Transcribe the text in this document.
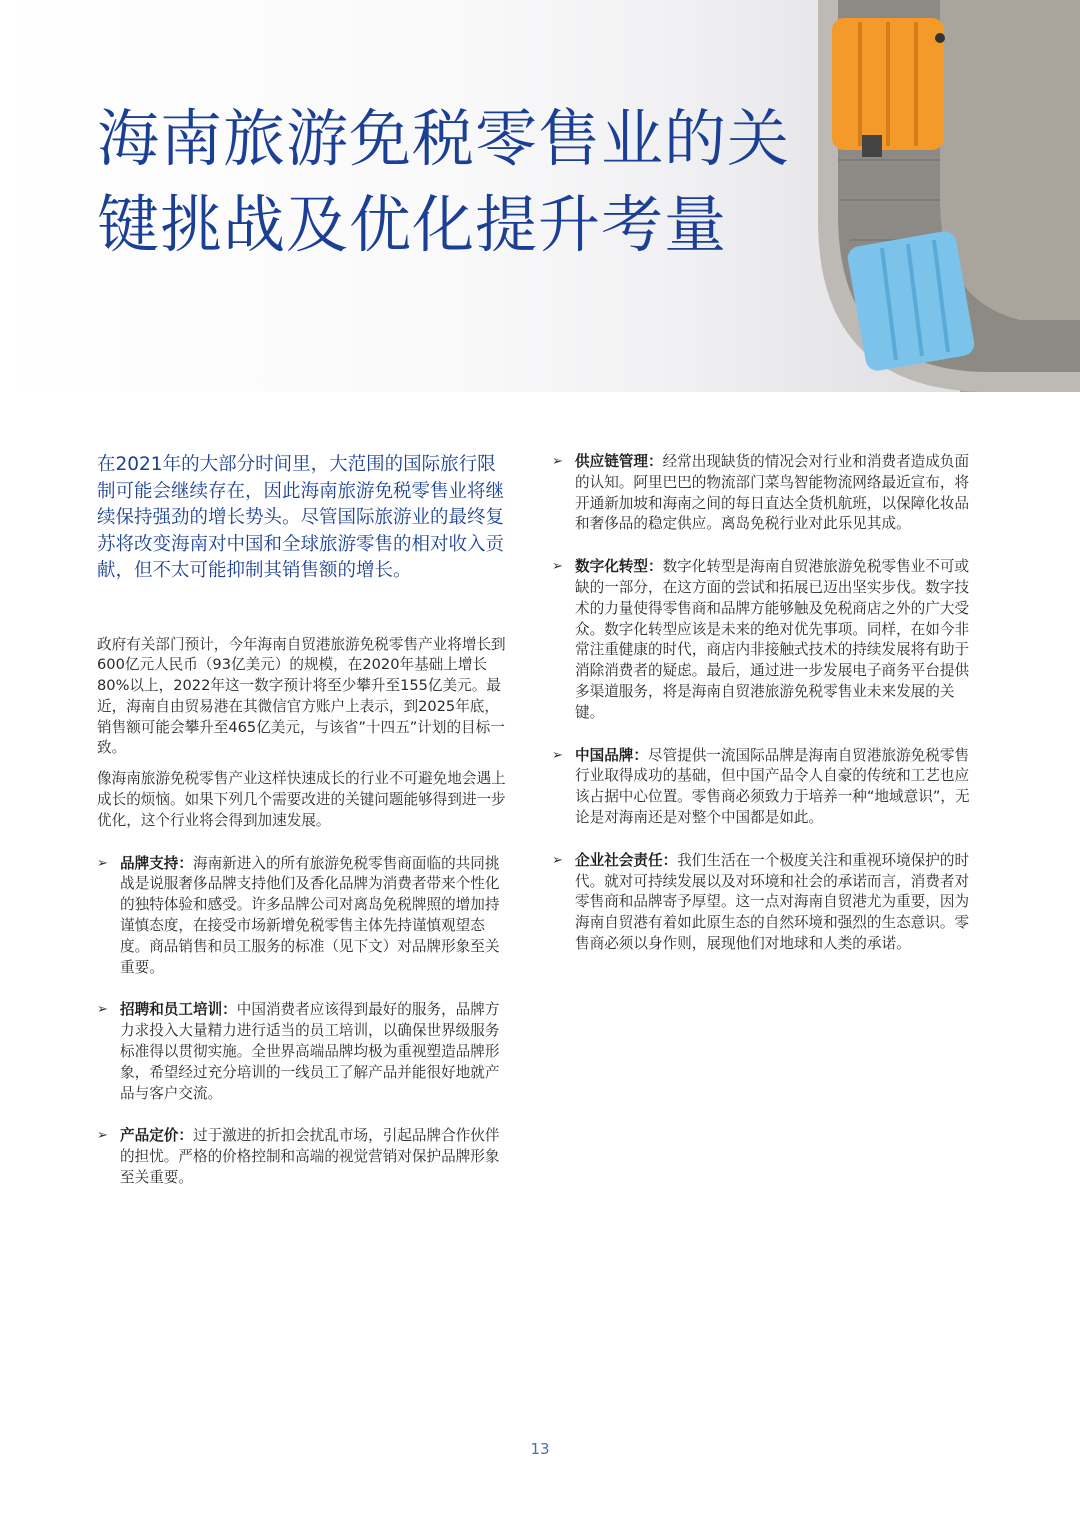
海南旅游免税零售业的关
键挑战及优化提升考量

在2021年的大部分时间里，大范围的国际旅行限制可能会继续存在，因此海南旅游免税零售业将继续保持强劲的增长势头。尽管国际旅游业的最终复苏将改变海南对中国和全球旅游零售的相对收入贡献，但不太可能抑制其销售额的增长。

政府有关部门预计，今年海南自贸港旅游免税零售产业将增长到600亿元人民币（93亿美元）的规模，在2020年基础上增长80%以上，2022年这一数字预计将至少攀升至155亿美元。最近，海南自由贸易港在其微信官方账户上表示，到2025年底，销售额可能会攀升至465亿美元，与该省”十四五”计划的目标一致。

像海南旅游免税零售产业这样快速成长的行业不可避免地会遇上成长的烦恼。如果下列几个需要改进的关键问题能够得到进一步优化，这个行业将会得到加速发展。

➢ 品牌支持：海南新进入的所有旅游免税零售商面临的共同挑战是说服奢侈品牌支持他们及香化品牌为消费者带来个性化的独特体验和感受。许多品牌公司对离岛免税牌照的增加持谨慎态度，在接受市场新增免税零售主体先持谨慎观望态度。商品销售和员工服务的标准（见下文）对品牌形象至关重要。
➢ 招聘和员工培训：中国消费者应该得到最好的服务，品牌方力求投入大量精力进行适当的员工培训，以确保世界级服务标准得以贯彻实施。全世界高端品牌均极为重视塑造品牌形象，希望经过充分培训的一线员工了解产品并能很好地就产品与客户交流。
➢ 产品定价：过于激进的折扣会扰乱市场，引起品牌合作伙伴的担忧。严格的价格控制和高端的视觉营销对保护品牌形象至关重要。
➢ 供应链管理：经常出现缺货的情况会对行业和消费者造成负面的认知。阿里巴巴的物流部门菜鸟智能物流网络最近宣布，将开通新加坡和海南之间的每日直达全货机航班，以保障化妆品和奢侈品的稳定供应。离岛免税行业对此乐见其成。
➢ 数字化转型：数字化转型是海南自贸港旅游免税零售业不可或缺的一部分，在这方面的尝试和拓展已迈出坚实步伐。数字技术的力量使得零售商和品牌方能够触及免税商店之外的广大受众。数字化转型应该是未来的绝对优先事项。同样，在如今非常注重健康的时代，商店内非接触式技术的持续发展将有助于消除消费者的疑虑。最后，通过进一步发展电子商务平台提供多渠道服务，将是海南自贸港旅游免税零售业未来发展的关键。
➢ 中国品牌：尽管提供一流国际品牌是海南自贸港旅游免税零售行业取得成功的基础，但中国产品令人自豪的传统和工艺也应该占据中心位置。零售商必须致力于培养一种“地域意识”，无论是对海南还是对整个中国都是如此。
➢ 企业社会责任：我们生活在一个极度关注和重视环境保护的时代。就对可持续发展以及对环境和社会的承诺而言，消费者对零售商和品牌寄予厚望。这一点对海南自贸港尤为重要，因为海南自贸港有着如此原生态的自然环境和强烈的生态意识。零售商必须以身作则，展现他们对地球和人类的承诺。
13
